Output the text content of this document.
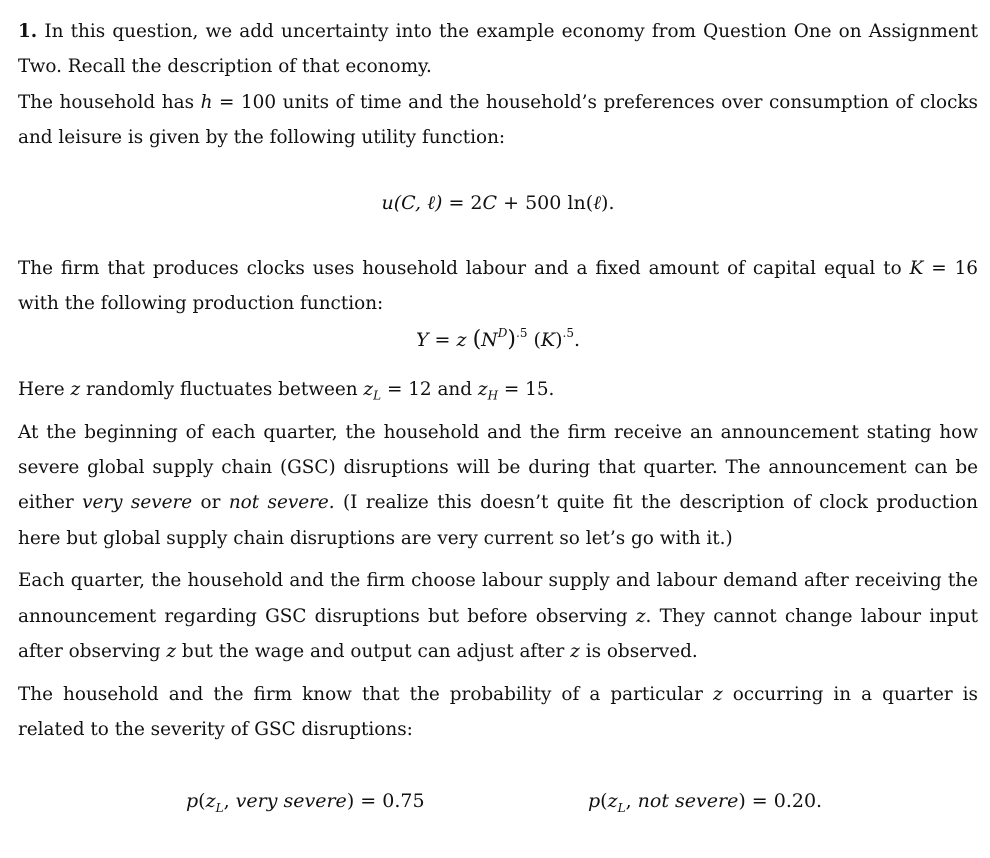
1. In this question, we add uncertainty into the example economy from Question One on Assignment Two. Recall the description of that economy.

The household has h = 100 units of time and the household’s preferences over consumption of clocks and leisure is given by the following utility function:

u(C, ℓ) = 2C + 500 ln(ℓ).

The firm that produces clocks uses household labour and a fixed amount of capital equal to K = 16 with the following production function:

Y = z $(N^D)^{.5}$ $(K)^{.5}$.

Here z randomly fluctuates between $z_L = 12$ and $z_H = 15$.

At the beginning of each quarter, the household and the firm receive an announcement stating how severe global supply chain (GSC) disruptions will be during that quarter. The announcement can be either very severe or not severe. (I realize this doesn’t quite fit the description of clock production here but global supply chain disruptions are very current so let’s go with it.)

Each quarter, the household and the firm choose labour supply and labour demand after receiving the announcement regarding GSC disruptions but before observing z. They cannot change labour input after observing z but the wage and output can adjust after z is observed.

The household and the firm know that the probability of a particular z occurring in a quarter is related to the severity of GSC disruptions:

$p(z_L$, very severe) = 0.75	$p(z_L$, not severe) = 0.20.
